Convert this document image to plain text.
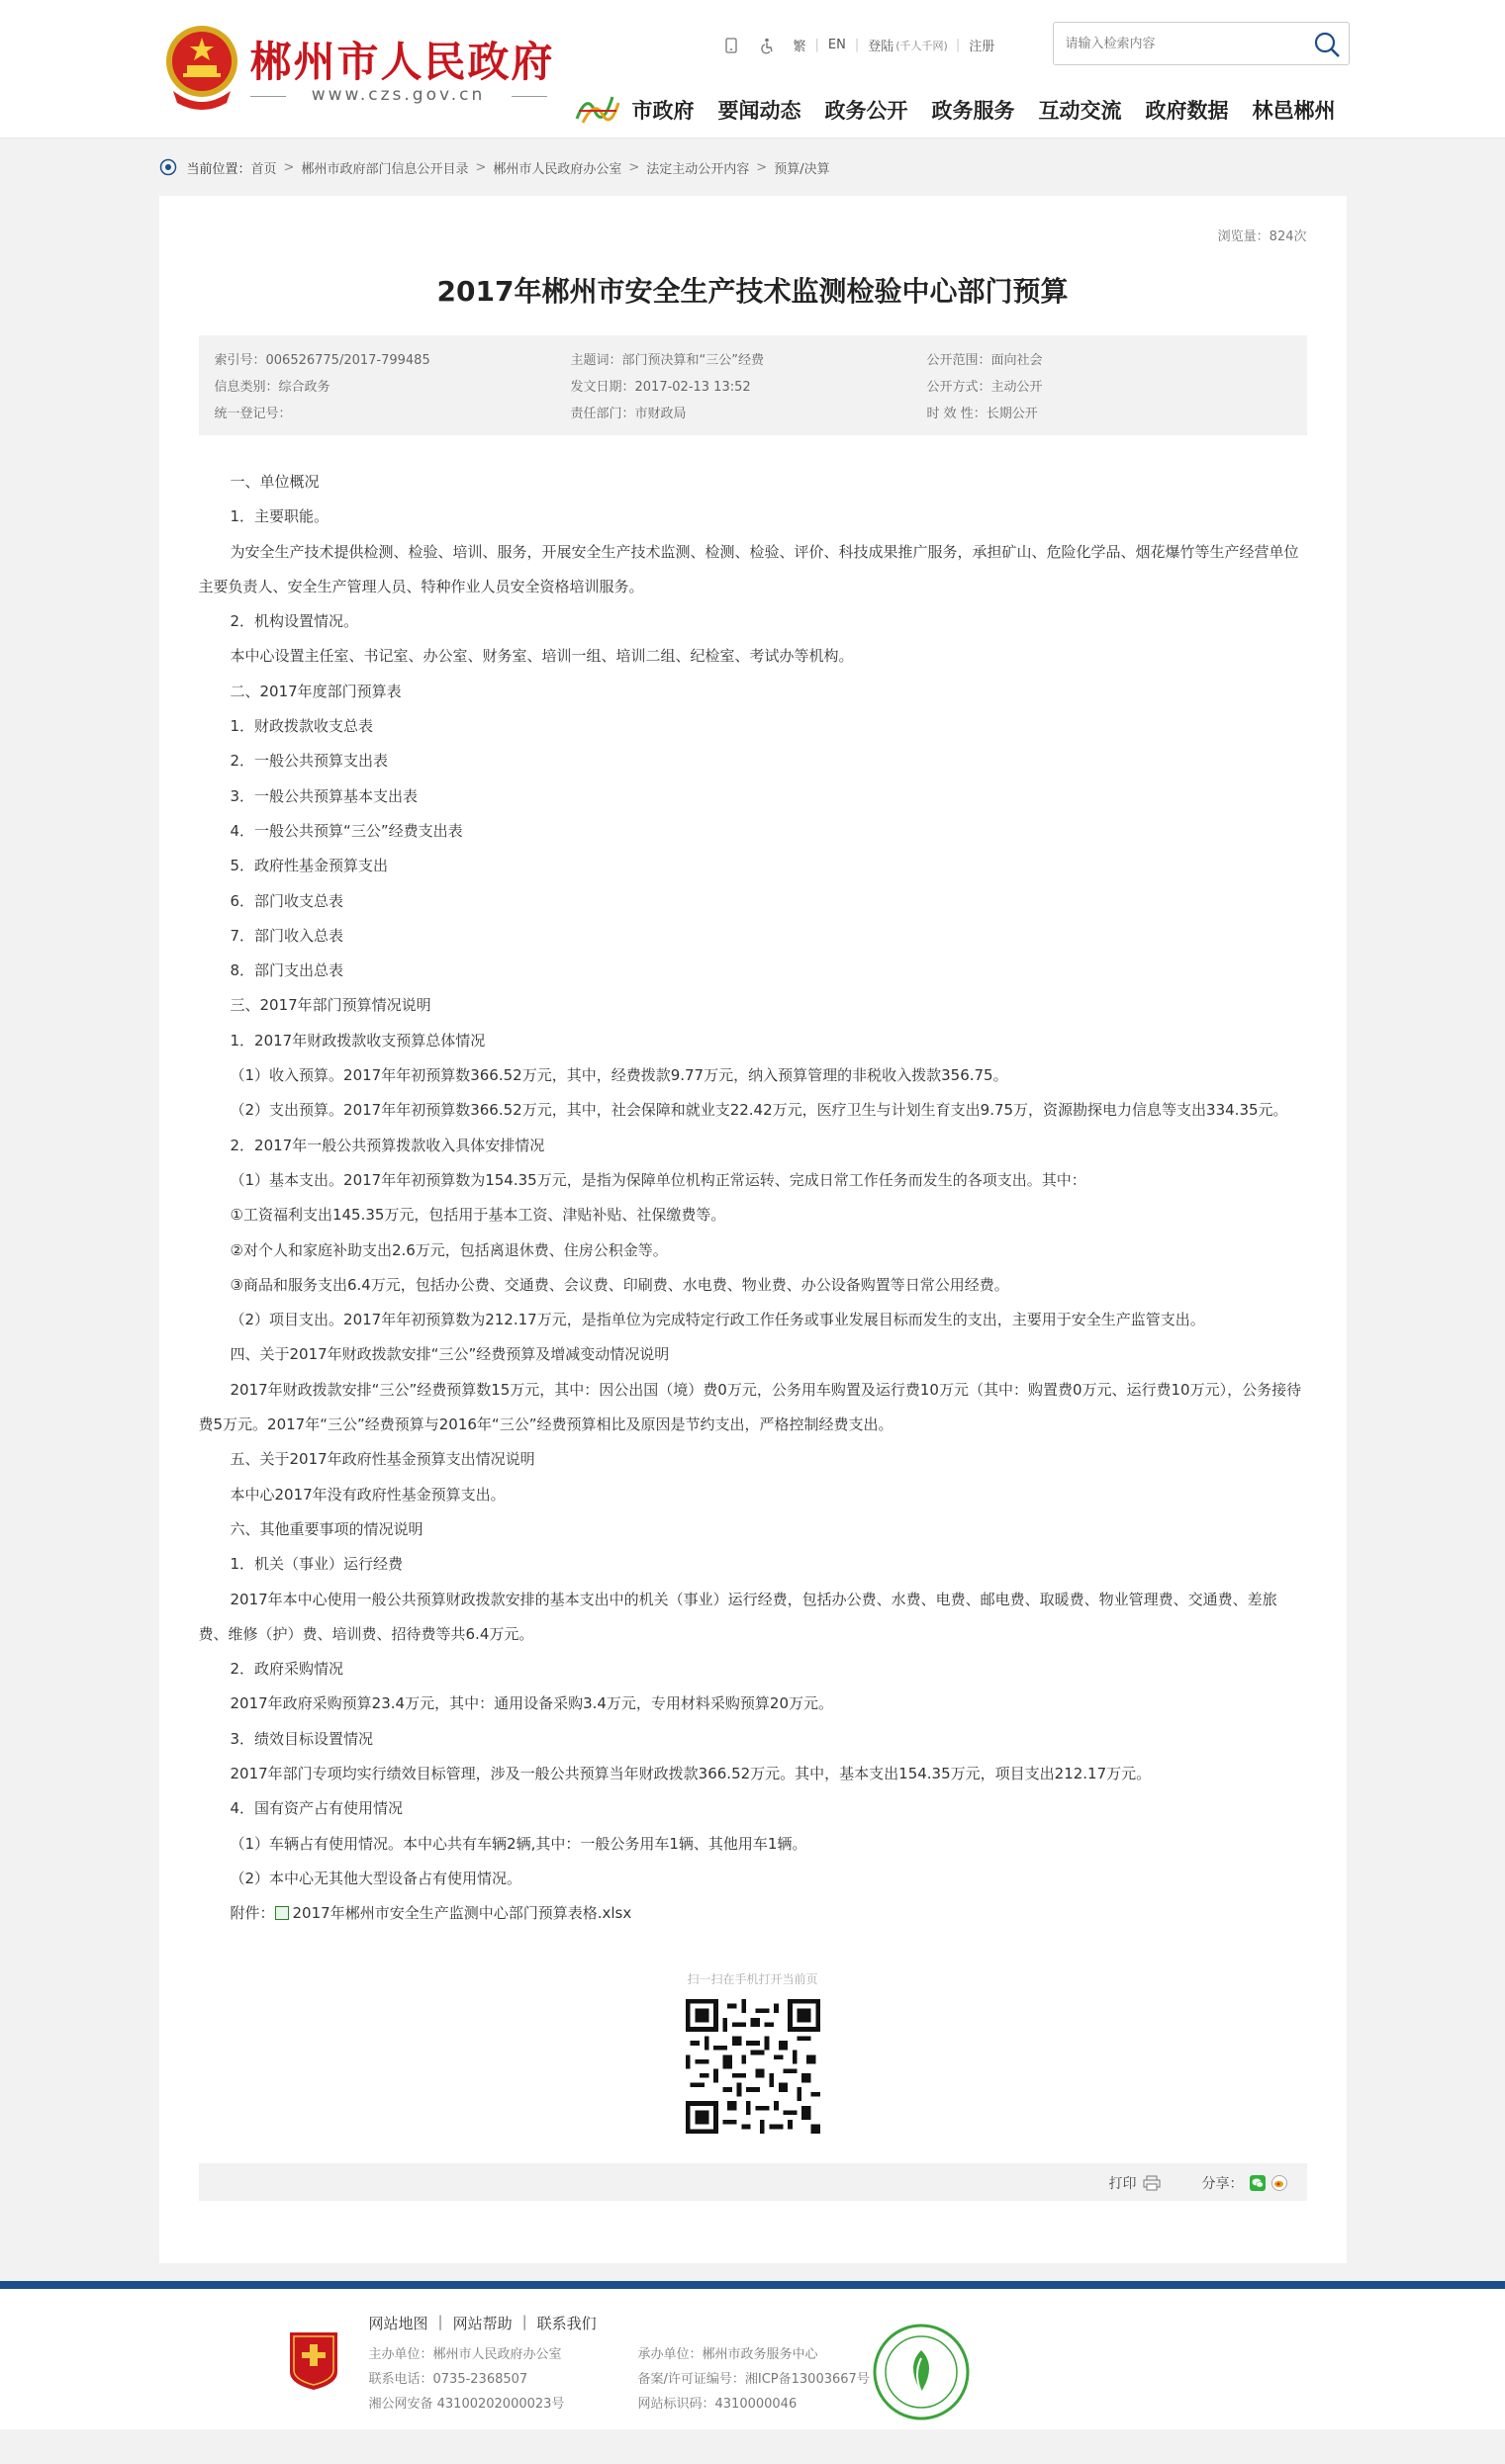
郴州市人民政府
www.czs.gov.cn
繁 | EN | 登陆 (千人千网) | 注册
请输入检索内容
市政府 要闻动态 政务公开 政务服务 互动交流 政府数据 林邑郴州
当前位置： 首页 > 郴州市政府部门信息公开目录 > 郴州市人民政府办公室 > 法定主动公开内容 > 预算/决算
浏览量：824次
2017年郴州市安全生产技术监测检验中心部门预算
索引号：006526775/2017-799485	主题词：部门预决算和“三公”经费	公开范围：面向社会
信息类别：综合政务	发文日期：2017-02-13 13:52	公开方式：主动公开
统一登记号：	责任部门：市财政局	时 效 性：长期公开

一、单位概况

1．主要职能。

为安全生产技术提供检测、检验、培训、服务，开展安全生产技术监测、检测、检验、评价、科技成果推广服务，承担矿山、危险化学品、烟花爆竹等生产经营单位主要负责人、安全生产管理人员、特种作业人员安全资格培训服务。

2．机构设置情况。

本中心设置主任室、书记室、办公室、财务室、培训一组、培训二组、纪检室、考试办等机构。

二、2017年度部门预算表

1．财政拨款收支总表

2．一般公共预算支出表

3．一般公共预算基本支出表

4．一般公共预算“三公”经费支出表

5．政府性基金预算支出

6．部门收支总表

7．部门收入总表

8．部门支出总表

三、2017年部门预算情况说明

1．2017年财政拨款收支预算总体情况

（1）收入预算。2017年年初预算数366.52万元，其中，经费拨款9.77万元，纳入预算管理的非税收入拨款356.75。

（2）支出预算。2017年年初预算数366.52万元，其中，社会保障和就业支22.42万元，医疗卫生与计划生育支出9.75万，资源勘探电力信息等支出334.35元。

2．2017年一般公共预算拨款收入具体安排情况

（1）基本支出。2017年年初预算数为154.35万元，是指为保障单位机构正常运转、完成日常工作任务而发生的各项支出。其中：

①工资福利支出145.35万元，包括用于基本工资、津贴补贴、社保缴费等。

②对个人和家庭补助支出2.6万元，包括离退休费、住房公积金等。

③商品和服务支出6.4万元，包括办公费、交通费、会议费、印刷费、水电费、物业费、办公设备购置等日常公用经费。

（2）项目支出。2017年年初预算数为212.17万元，是指单位为完成特定行政工作任务或事业发展目标而发生的支出，主要用于安全生产监管支出。

四、关于2017年财政拨款安排“三公”经费预算及增减变动情况说明

2017年财政拨款安排“三公”经费预算数15万元，其中：因公出国（境）费0万元，公务用车购置及运行费10万元（其中：购置费0万元、运行费10万元），公务接待费5万元。2017年“三公”经费预算与2016年“三公”经费预算相比及原因是节约支出，严格控制经费支出。

五、关于2017年政府性基金预算支出情况说明

本中心2017年没有政府性基金预算支出。

六、其他重要事项的情况说明

1．机关（事业）运行经费

2017年本中心使用一般公共预算财政拨款安排的基本支出中的机关（事业）运行经费，包括办公费、水费、电费、邮电费、取暖费、物业管理费、交通费、差旅费、维修（护）费、培训费、招待费等共6.4万元。

2．政府采购情况

2017年政府采购预算23.4万元，其中：通用设备采购3.4万元，专用材料采购预算20万元。

3．绩效目标设置情况

2017年部门专项均实行绩效目标管理，涉及一般公共预算当年财政拨款366.52万元。其中，基本支出154.35万元，项目支出212.17万元。

4．国有资产占有使用情况

（1）车辆占有使用情况。本中心共有车辆2辆,其中：一般公务用车1辆、其他用车1辆。

（2）本中心无其他大型设备占有使用情况。

附件： 2017年郴州市安全生产监测中心部门预算表格.xlsx

扫一扫在手机打开当前页
打印	分享：
网站地图 | 网站帮助 | 联系我们
主办单位：郴州市人民政府办公室
联系电话：0735-2368507
湘公网安备 43100202000023号
承办单位：郴州市政务服务中心
备案/许可证编号：湘ICP备13003667号
网站标识码：4310000046
